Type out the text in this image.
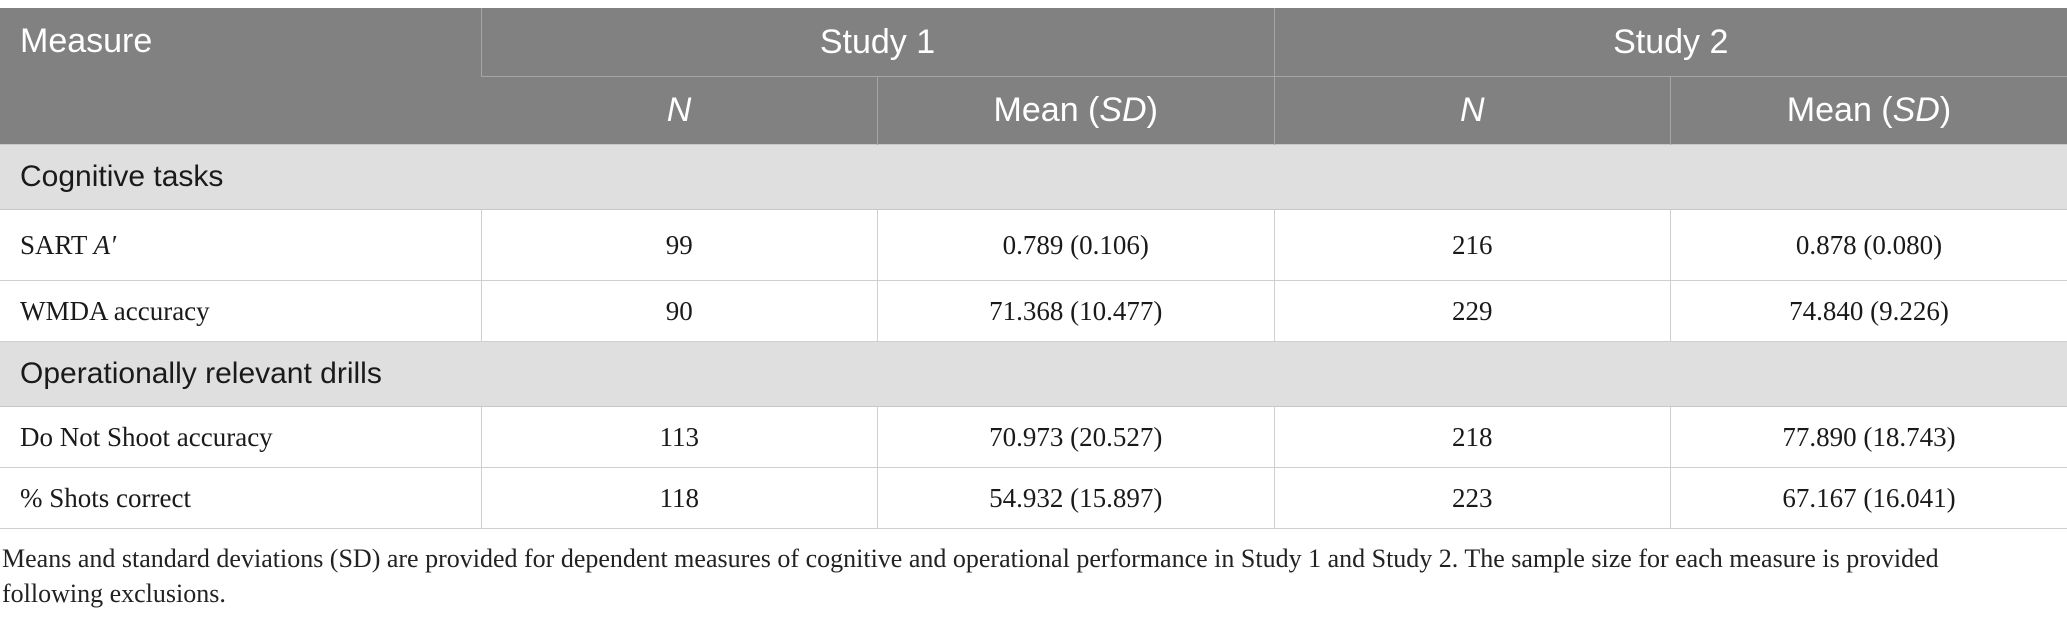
Measure	Study 1		Study 2	
	N	Mean (SD)	N	Mean (SD)
Cognitive tasks				
SART A′	99	0.789 (0.106)	216	0.878 (0.080)
WMDA accuracy	90	71.368 (10.477)	229	74.840 (9.226)
Operationally relevant drills				
Do Not Shoot accuracy	113	70.973 (20.527)	218	77.890 (18.743)
% Shots correct	118	54.932 (15.897)	223	67.167 (16.041)

Means and standard deviations (SD) are provided for dependent measures of cognitive and operational performance in Study 1 and Study 2. The sample size for each measure is provided following exclusions.
